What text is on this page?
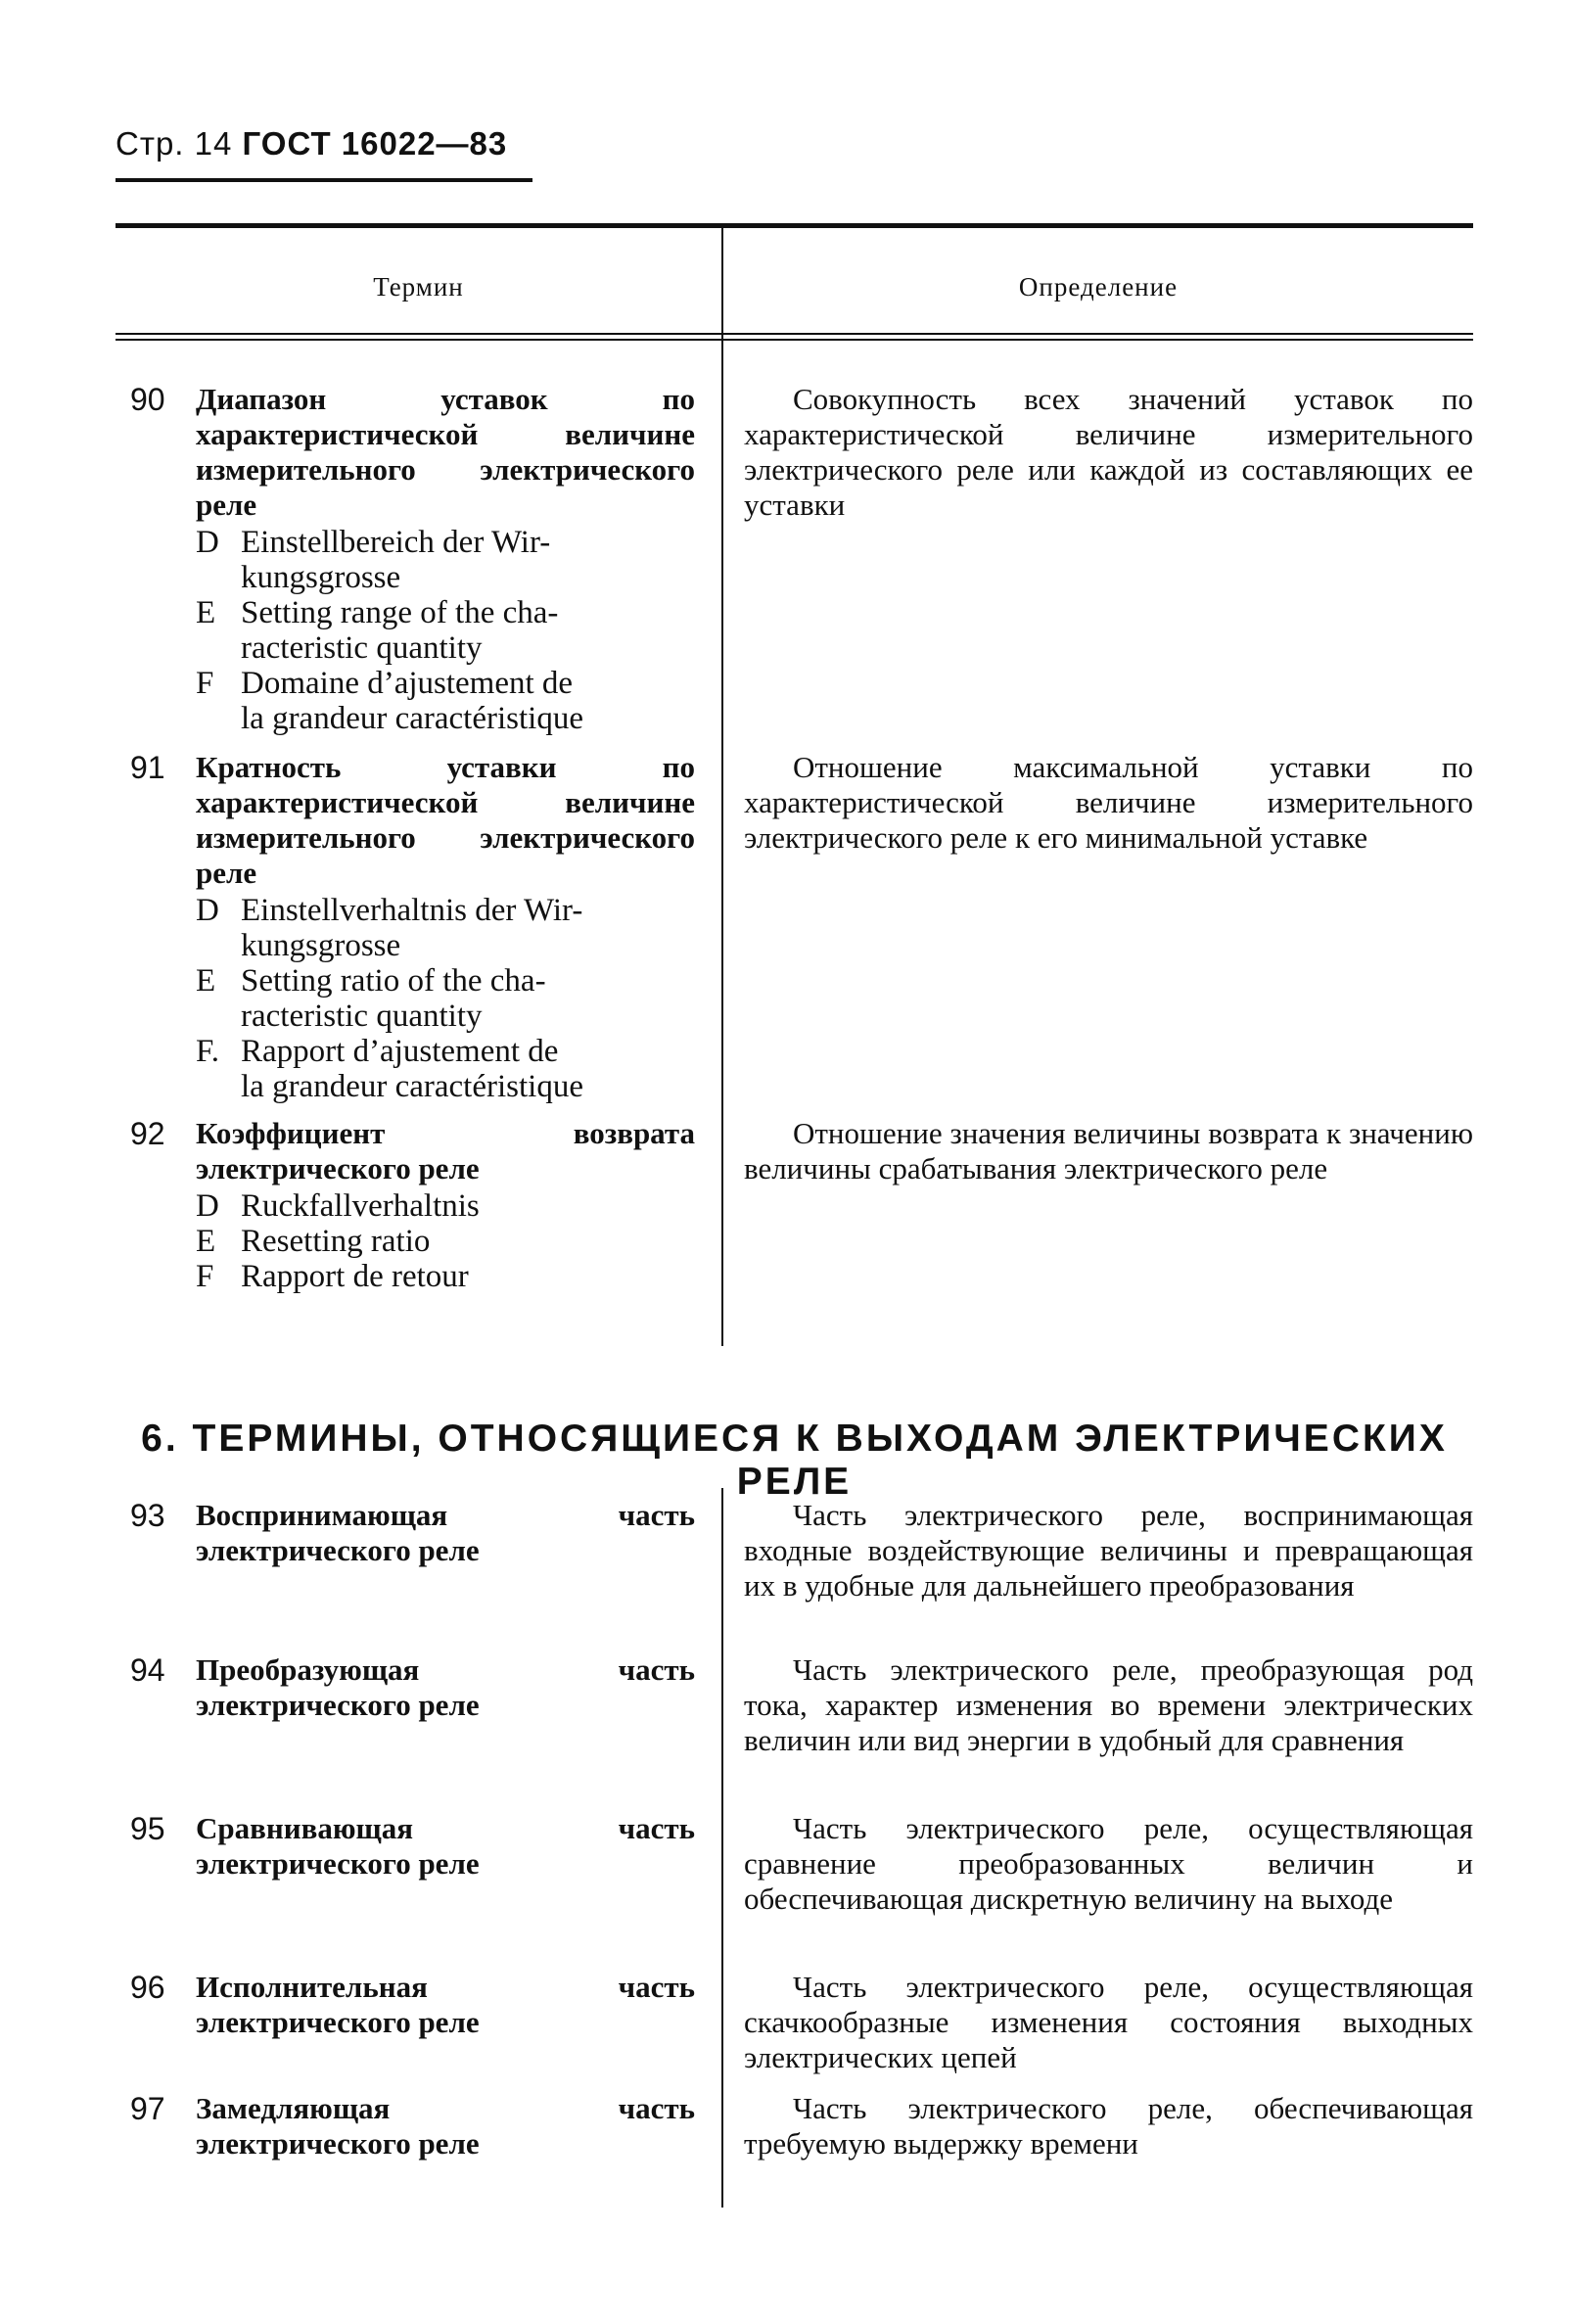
Стр. 14 ГОСТ 16022—83
Термин	Определение
90 Диапазон уставок по характеристической величине измерительного электрического реле
D Einstellbereich der Wir-
kungsgrosse
E Setting range of the cha-
racteristic quantity
F Domaine d’ajustement de
la grandeur caractéristique
Совокупность всех значений уставок по характеристической величине измерительного электрического реле или каждой из составляющих ее уставки
91 Кратность уставки по характеристической величине измерительного электрического реле
D Einstellverhaltnis der Wir-
kungsgrosse
E Setting ratio of the cha-
racteristic quantity
F. Rapport d’ajustement de
la grandeur caractéristique
Отношение максимальной уставки по характеристической величине измерительного электрического реле к его минимальной уставке
92 Коэффициент возврата электрического реле
D Ruckfallverhaltnis
E Resetting ratio
F Rapport de retour
Отношение значения величины возврата к значению величины срабатывания электрического реле
6. ТЕРМИНЫ, ОТНОСЯЩИЕСЯ К ВЫХОДАМ ЭЛЕКТРИЧЕСКИХ РЕЛЕ
93 Воспринимающая часть электрического реле
Часть электрического реле, воспринимающая входные воздействующие величины и превращающая их в удобные для дальнейшего преобразования
94 Преобразующая часть электрического реле
Часть электрического реле, преобразующая род тока, характер изменения во времени электрических величин или вид энергии в удобный для сравнения
95 Сравнивающая часть электрического реле
Часть электрического реле, осуществляющая сравнение преобразованных величин и обеспечивающая дискретную величину на выходе
96 Исполнительная часть электрического реле
Часть электрического реле, осуществляющая скачкообразные изменения состояния выходных электрических цепей
97 Замедляющая часть электрического реле
Часть электрического реле, обеспечивающая требуемую выдержку времени
